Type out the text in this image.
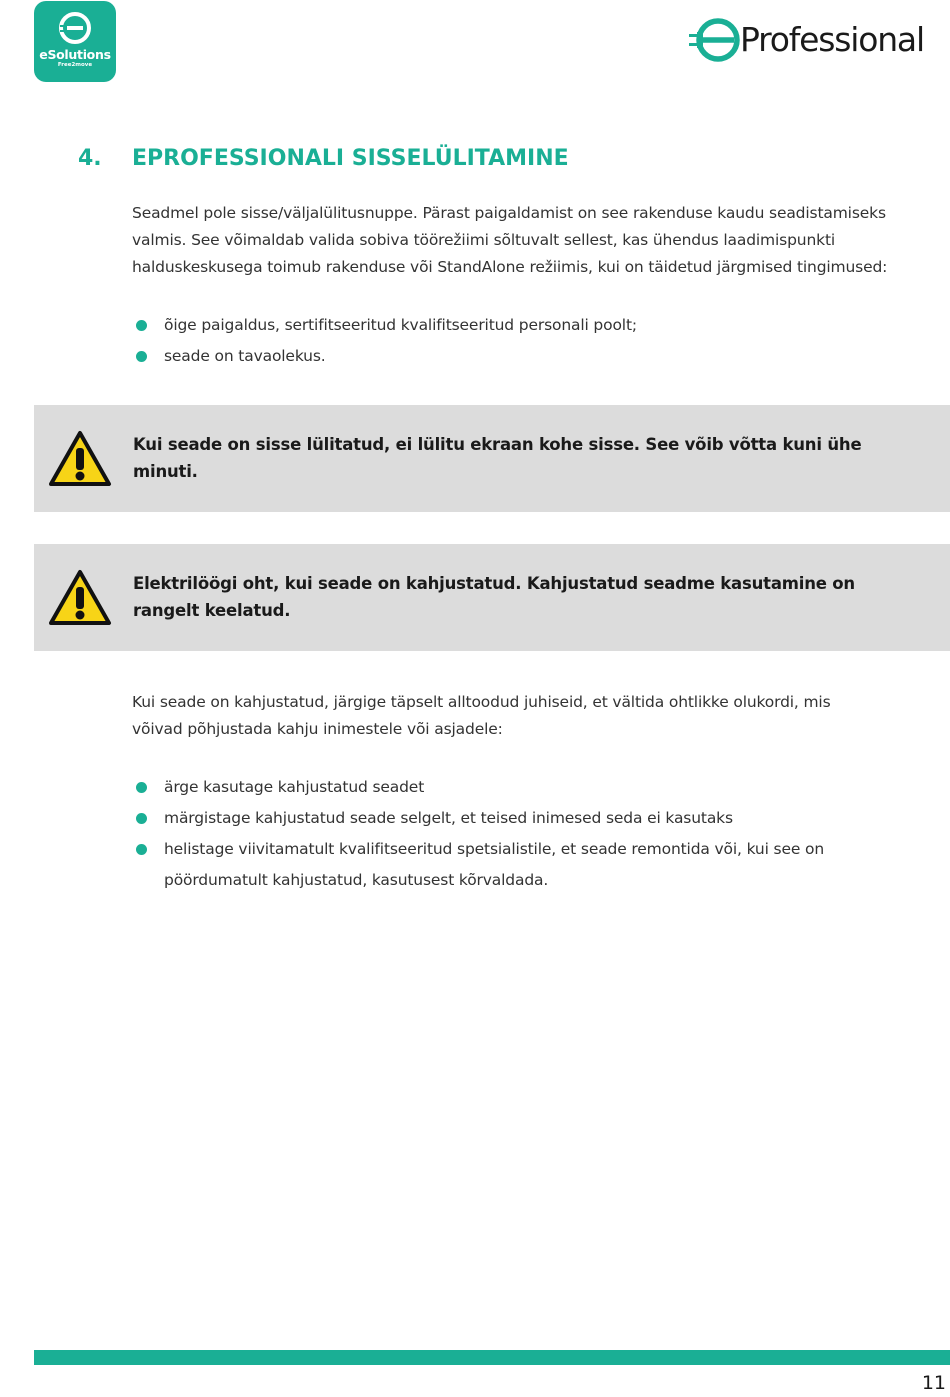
eSolutions
Free2move
Professional
4. EPROFESSIONALI SISSELÜLITAMINE
Seadmel pole sisse/väljalülitusnuppe. Pärast paigaldamist on see rakenduse kaudu seadistamiseks
valmis. See võimaldab valida sobiva töörežiimi sõltuvalt sellest, kas ühendus laadimispunkti
halduskeskusega toimub rakenduse või StandAlone režiimis, kui on täidetud järgmised tingimused:
õige paigaldus, sertifitseeritud kvalifitseeritud personali poolt;
seade on tavaolekus.
Kui seade on sisse lülitatud, ei lülitu ekraan kohe sisse. See võib võtta kuni ühe
minuti.
Elektrilöögi oht, kui seade on kahjustatud. Kahjustatud seadme kasutamine on
rangelt keelatud.
Kui seade on kahjustatud, järgige täpselt alltoodud juhiseid, et vältida ohtlikke olukordi, mis
võivad põhjustada kahju inimestele või asjadele:
ärge kasutage kahjustatud seadet
märgistage kahjustatud seade selgelt, et teised inimesed seda ei kasutaks
helistage viivitamatult kvalifitseeritud spetsialistile, et seade remontida või, kui see on
pöördumatult kahjustatud, kasutusest kõrvaldada.
11
